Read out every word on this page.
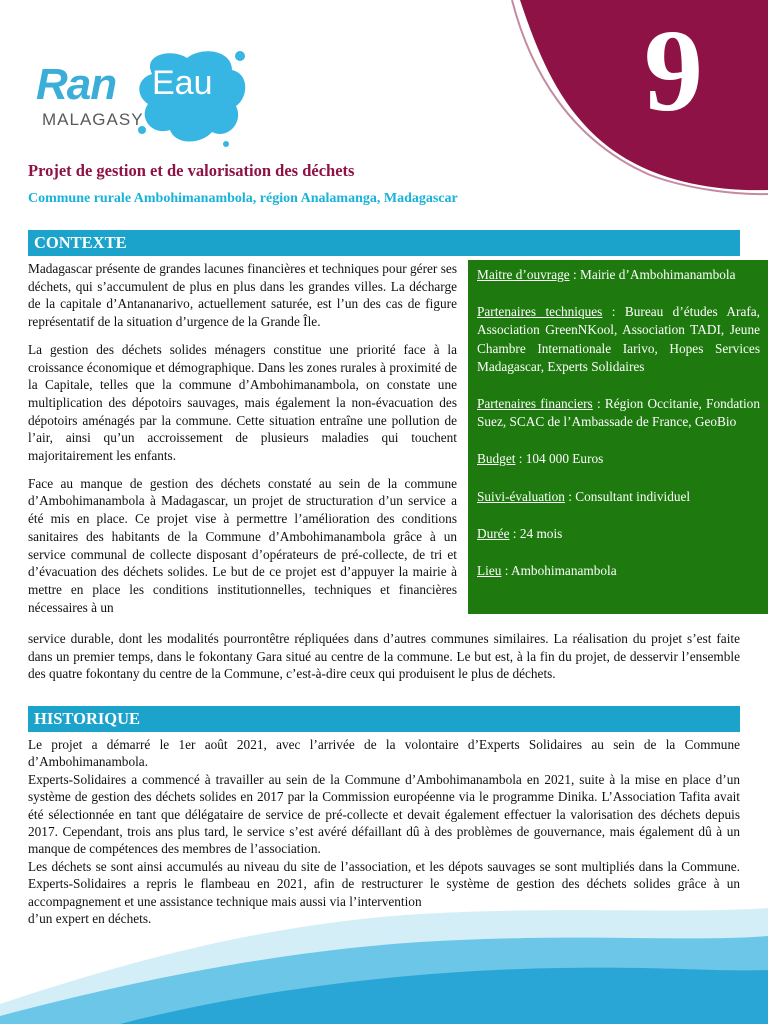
Ran Eau
MALAGASY	9
Projet de gestion et de valorisation des déchets
Commune rurale Ambohimanambola, région Analamanga, Madagascar
CONTEXTE

Madagascar présente de grandes lacunes financières et techniques pour gérer ses déchets, qui s’accumulent de plus en plus dans les grandes villes. La décharge de la capitale d’Antananarivo, actuellement saturée, est l’un des cas de figure représentatif de la situation d’urgence de la Grande Île.

La gestion des déchets solides ménagers constitue une priorité face à la croissance économique et démographique. Dans les zones rurales à proximité de la Capitale, telles que la commune d’Ambohimanambola, on constate une multiplication des dépotoirs sauvages, mais également la non-évacuation des dépotoirs aménagés par la commune. Cette situation entraîne une pollution de l’air, ainsi qu’un accroissement de plusieurs maladies qui touchent majoritairement les enfants.

Face au manque de gestion des déchets constaté au sein de la commune d’Ambohimanambola à Madagascar, un projet de structuration d’un service a été mis en place. Ce projet vise à permettre l’amélioration des conditions sanitaires des habitants de la Commune d’Ambohimanambola grâce à un service communal de collecte disposant d’opérateurs de pré-collecte, de tri et d’évacuation des déchets solides. Le but de ce projet est d’appuyer la mairie à mettre en place les conditions institutionnelles, techniques et financières nécessaires à un

service durable, dont les modalités pourrontêtre répliquées dans d’autres communes similaires. La réalisation du projet s’est faite dans un premier temps, dans le fokontany Gara situé au centre de la commune. Le but est, à la fin du projet, de desservir l’ensemble des quatre fokontany du centre de la Commune, c’est-à-dire ceux qui produisent le plus de déchets.

Maitre d’ouvrage : Mairie d’Ambohimanambola

Partenaires techniques : Bureau d’études Arafa, Association GreenNKool, Association TADI, Jeune Chambre Internationale Iarivo, Hopes Services Madagascar, Experts Solidaires

Partenaires financiers : Région Occitanie, Fondation Suez, SCAC de l’Ambassade de France, GeoBio

Budget : 104 000 Euros

Suivi-évaluation : Consultant individuel

Durée : 24 mois

Lieu : Ambohimanambola

HISTORIQUE

Le projet a démarré le 1er août 2021, avec l’arrivée de la volontaire d’Experts Solidaires au sein de la Commune d’Ambohimanambola.

Experts-Solidaires a commencé à travailler au sein de la Commune d’Ambohimanambola en 2021, suite à la mise en place d’un système de gestion des déchets solides en 2017 par la Commission européenne via le programme Dinika. L’Association Tafita avait été sélectionnée en tant que délégataire de service de pré-collecte et devait également effectuer la valorisation des déchets depuis 2017. Cependant, trois ans plus tard, le service s’est avéré défaillant dû à des problèmes de gouvernance, mais également dû à un manque de compétences des membres de l’association.

Les déchets se sont ainsi accumulés au niveau du site de l’association, et les dépots sauvages se sont multipliés dans la Commune. Experts-Solidaires a repris le flambeau en 2021, afin de restructurer le système de gestion des déchets solides grâce à un accompagnement et une assistance technique mais aussi via l’intervention

d’un expert en déchets.
